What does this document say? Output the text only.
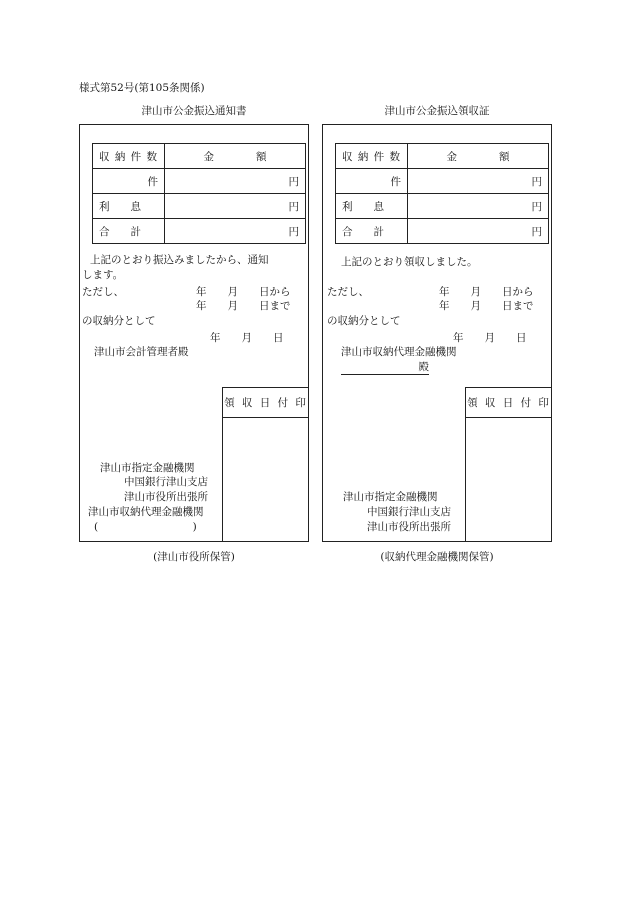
様式第52号(第105条関係)
津山市公金振込通知書
収 納 件 数	金　　　　額
件	円
利　　息	円
合　　計	円
上記のとおり振込みましたから、通知
します。
ただし、	年　　月　　日から
年　　月　　日まで
の収納分として
年　　月　　日
津山市会計管理者殿
領 収 日 付 印
津山市指定金融機関
中国銀行津山支店
津山市役所出張所
津山市収納代理金融機関
(　　　　　　　　　)
(津山市役所保管)
津山市公金振込領収証
収 納 件 数	金　　　　額
件	円
利　　息	円
合　　計	円
上記のとおり領収しました。
ただし、	年　　月　　日から
年　　月　　日まで
の収納分として
年　　月　　日
津山市収納代理金融機関
殿
領 収 日 付 印
津山市指定金融機関
中国銀行津山支店
津山市役所出張所
(収納代理金融機関保管)
